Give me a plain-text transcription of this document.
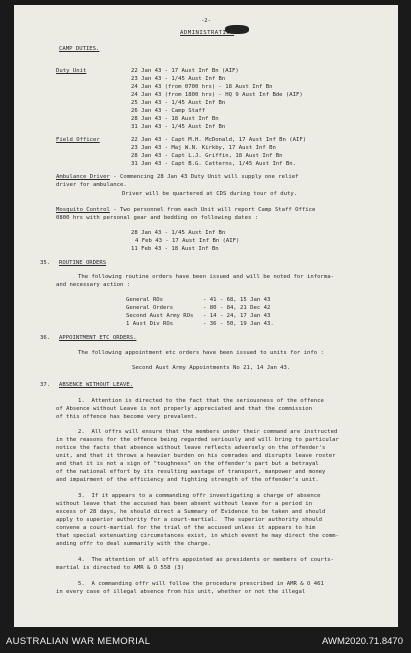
-2-
ADMINISTRATION
CAMP DUTIES.
Duty Unit	22 Jan 43 - 17 Aust Inf Bn (AIF)
23 Jan 43 - 1/45 Aust Inf Bn
24 Jan 43 (from 0700 hrs) - 18 Aust Inf Bn
24 Jan 43 (from 1800 hrs) - HQ 9 Aust Inf Bde (AIF)
25 Jan 43 - 1/45 Aust Inf Bn
26 Jan 43 - Camp Staff
28 Jan 43 - 18 Aust Inf Bn
31 Jan 43 - 1/45 Aust Inf Bn
Field Officer	22 Jan 43 - Capt M.H. McDonald, 17 Aust Inf Bn (AIF)
23 Jan 43 - Maj W.N. Kirkby, 17 Aust Inf Bn
28 Jan 43 - Capt L.J. Griffin, 18 Aust Inf Bn
31 Jan 43 - Capt B.G. Catterns, 1/45 Aust Inf Bn.
Ambulance Driver - Commencing 28 Jan 43 Duty Unit will supply one relief
driver for ambulance.
Driver will be quartered at CDS during tour of duty.
Mosquito Control - Two personnel from each Unit will report Camp Staff Office
0800 hrs with personal gear and bedding on following dates :
28 Jan 43 - 1/45 Aust Inf Bn
4 Feb 43 - 17 Aust Inf Bn (AIF)
11 Feb 43 - 18 Aust Inf Bn
35. ROUTINE ORDERS
The following routine orders have been issued and will be noted for informa-
and necessary action :
General ROs	- 41 - 68, 15 Jan 43
General Orders	- 80 - 84, 21 Dec 42
Second Aust Army ROs - 14 - 24, 17 Jan 43
1 Aust Div ROs	- 36 - 50, 19 Jan 43.
36. APPOINTMENT ETC ORDERS.
The following appointment etc orders have been issued to units for info :
Second Aust Army Appointments No 21, 14 Jan 43.
37. ABSENCE WITHOUT LEAVE.
1.  Attention is directed to the fact that the seriousness of the offence
of Absence without Leave is not properly appreciated and that the commission
of this offence has become very prevalent.
2.  All offrs will ensure that the members under their command are instructed
in the reasons for the offence being regarded seriously and will bring to particular
notice the facts that absence without leave reflects adversely on the offender's
unit, and that it throws a heavier burden on his comrades and disrupts leave roster
and that it is not a sign of "toughness" on the offender's part but a betrayal
of the national effort by its resulting wastage of transport, manpower and money
and impairment of the efficiency and fighting strength of the offender's unit.
3.  If it appears to a commanding offr investigating a charge of absence
without leave that the accused has been absent without leave for a period in
excess of 28 days, he should direct a Summary of Evidence to be taken and should
apply to superior authority for a court-martial.  The superior authority should
convene a court-martial for the trial of the accused unless it appears to him
that special extenuating circumstances exist, in which event he may direct the comm-
anding offr to deal summarily with the charge.
4.  The attention of all offrs appointed as presidents or members of courts-
martial is directed to AMR & O 558 (3)
5.  A commanding offr will follow the procedure prescribed in AMR & O 461
in every case of illegal absence from his unit, whether or not the illegal
AUSTRALIAN WAR MEMORIAL	AWM2020.71.8470
